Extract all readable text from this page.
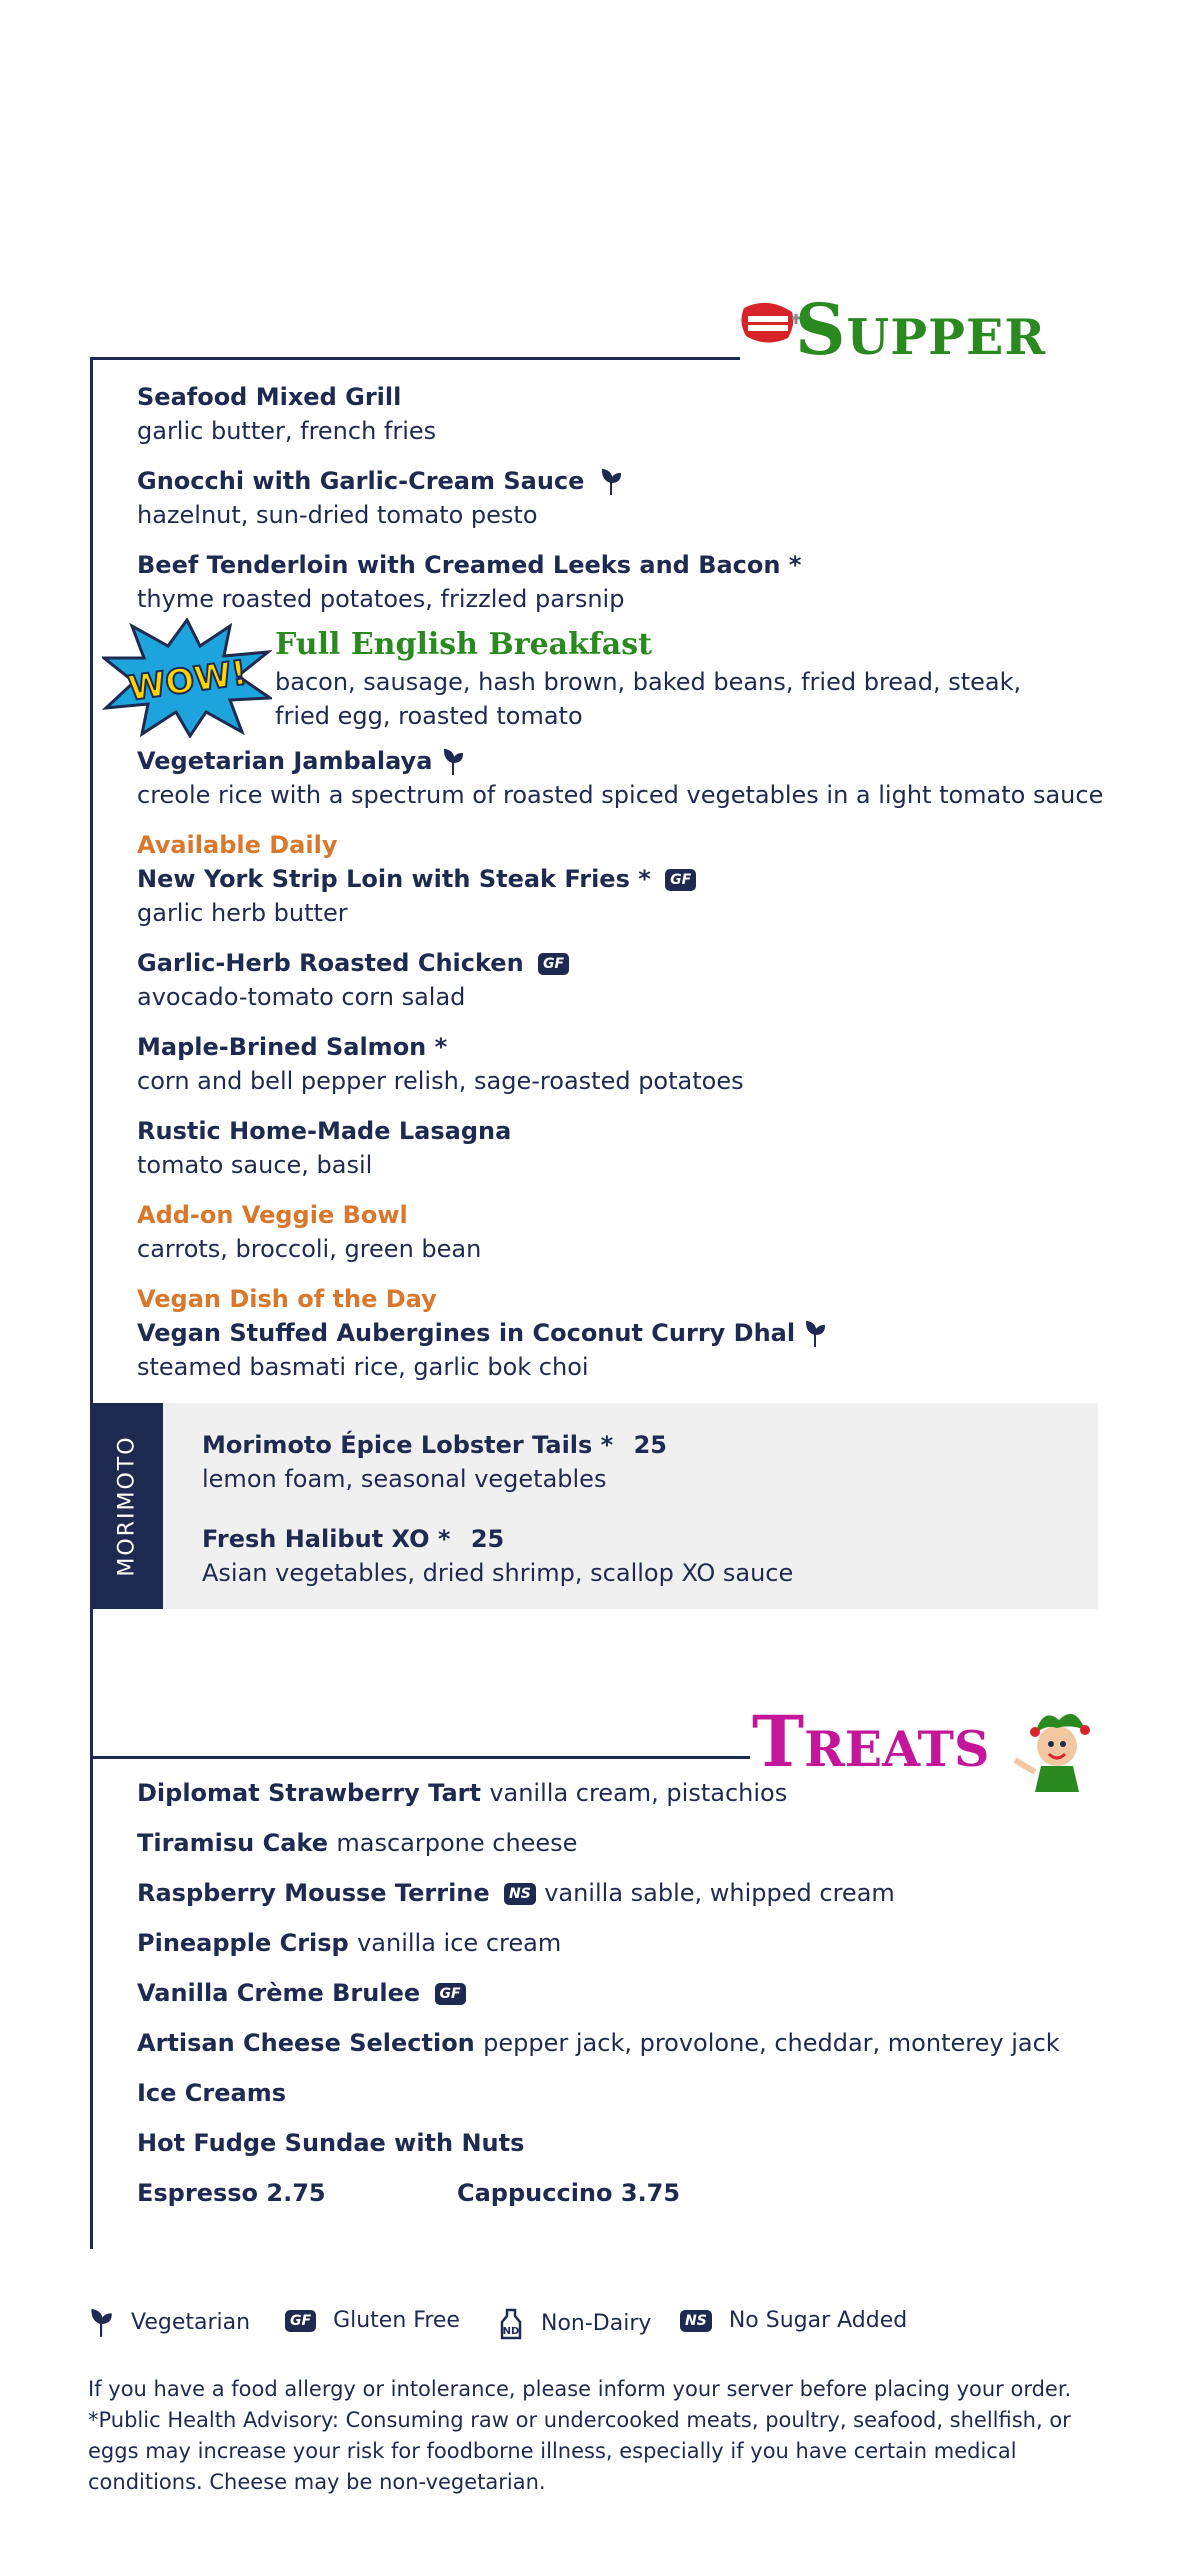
Supper
Seafood Mixed Grill
garlic butter, french fries
Gnocchi with Garlic-Cream Sauce
hazelnut, sun-dried tomato pesto
Beef Tenderloin with Creamed Leeks and Bacon *
thyme roasted potatoes, frizzled parsnip
WOW!
Full English Breakfast
bacon, sausage, hash brown, baked beans, fried bread, steak,
fried egg, roasted tomato
Vegetarian Jambalaya
creole rice with a spectrum of roasted spiced vegetables in a light tomato sauce
Available Daily
New York Strip Loin with Steak Fries * GF
garlic herb butter
Garlic-Herb Roasted Chicken GF
avocado-tomato corn salad
Maple-Brined Salmon *
corn and bell pepper relish, sage-roasted potatoes
Rustic Home-Made Lasagna
tomato sauce, basil
Add-on Veggie Bowl
carrots, broccoli, green bean
Vegan Dish of the Day
Vegan Stuffed Aubergines in Coconut Curry Dhal
steamed basmati rice, garlic bok choi
MORIMOTO	Morimoto Épice Lobster Tails * 25
lemon foam, seasonal vegetables
Fresh Halibut XO * 25
Asian vegetables, dried shrimp, scallop XO sauce
Treats
Diplomat Strawberry Tart vanilla cream, pistachios
Tiramisu Cake mascarpone cheese
Raspberry Mousse Terrine NS vanilla sable, whipped cream
Pineapple Crisp vanilla ice cream
Vanilla Crème Brulee GF
Artisan Cheese Selection pepper jack, provolone, cheddar, monterey jack
Ice Creams
Hot Fudge Sundae with Nuts
Espresso 2.75	Cappuccino 3.75
Vegetarian	GF Gluten Free	ND Non-Dairy	NS No Sugar Added
If you have a food allergy or intolerance, please inform your server before placing your order.
*Public Health Advisory: Consuming raw or undercooked meats, poultry, seafood, shellfish, or eggs may increase your risk for foodborne illness, especially if you have certain medical conditions. Cheese may be non-vegetarian.
